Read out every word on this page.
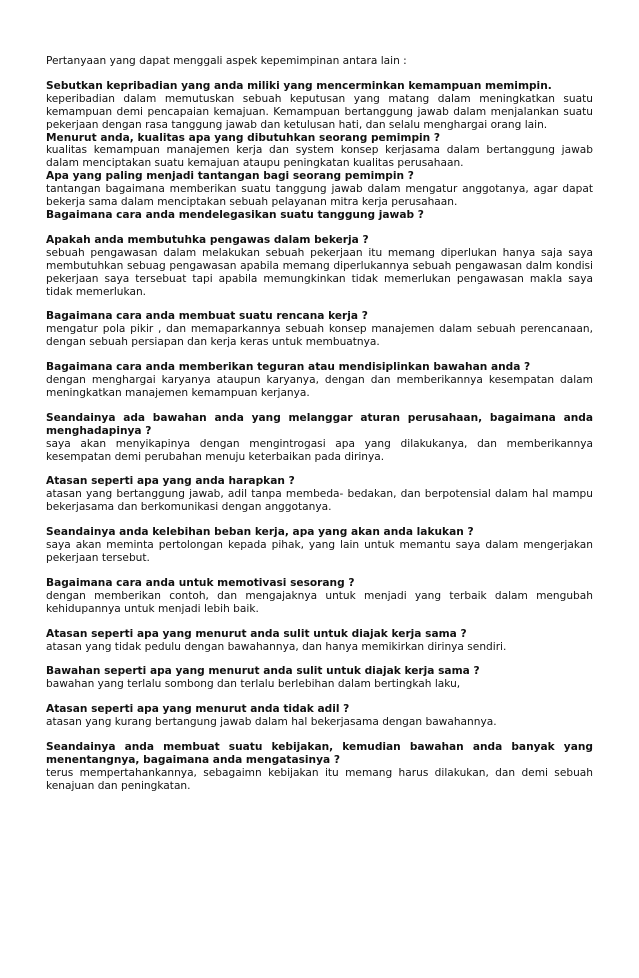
Pertanyaan yang dapat menggali aspek kepemimpinan antara lain :

Sebutkan kepribadian yang anda miliki yang mencerminkan kemampuan memimpin.

keperibadian dalam memutuskan sebuah keputusan yang matang dalam meningkatkan suatu kemampuan demi pencapaian kemajuan. Kemampuan bertanggung jawab dalam menjalankan suatu pekerjaan dengan rasa tanggung jawab dan ketulusan hati, dan selalu menghargai orang lain.

Menurut anda, kualitas apa yang dibutuhkan seorang pemimpin ?

kualitas kemampuan manajemen kerja dan system konsep kerjasama dalam bertanggung jawab dalam menciptakan suatu kemajuan ataupu peningkatan kualitas perusahaan.

Apa yang paling menjadi tantangan bagi seorang pemimpin ?

tantangan bagaimana memberikan suatu tanggung jawab dalam mengatur anggotanya, agar dapat bekerja sama dalam menciptakan sebuah pelayanan mitra kerja perusahaan.

Bagaimana cara anda mendelegasikan suatu tanggung jawab ?

Apakah anda membutuhka pengawas dalam bekerja ?

sebuah pengawasan dalam melakukan sebuah pekerjaan itu memang diperlukan hanya saja saya membutuhkan sebuag pengawasan apabila memang diperlukannya sebuah pengawasan dalm kondisi pekerjaan saya tersebuat tapi apabila memungkinkan tidak memerlukan pengawasan makla saya tidak memerlukan.

Bagaimana cara anda membuat suatu rencana kerja ?

mengatur pola pikir , dan memaparkannya sebuah konsep manajemen dalam sebuah perencanaan, dengan sebuah persiapan dan kerja keras untuk membuatnya.

Bagaimana cara anda memberikan teguran atau mendisiplinkan bawahan anda ?

dengan menghargai karyanya ataupun karyanya, dengan dan memberikannya kesempatan dalam meningkatkan manajemen kemampuan kerjanya.

Seandainya ada bawahan anda yang melanggar aturan perusahaan, bagaimana anda menghadapinya ?

saya akan menyikapinya dengan mengintrogasi apa yang dilakukanya, dan memberikannya kesempatan demi perubahan menuju keterbaikan pada dirinya.

Atasan seperti apa yang anda harapkan ?

atasan yang bertanggung jawab, adil tanpa membeda- bedakan, dan berpotensial dalam hal mampu bekerjasama dan berkomunikasi dengan anggotanya.

Seandainya anda kelebihan beban kerja, apa yang akan anda lakukan ?

saya akan meminta pertolongan kepada pihak, yang lain untuk memantu saya dalam mengerjakan pekerjaan tersebut.

Bagaimana cara anda untuk memotivasi sesorang ?

dengan memberikan contoh, dan mengajaknya untuk menjadi yang terbaik dalam mengubah kehidupannya untuk menjadi lebih baik.

Atasan seperti apa yang menurut anda sulit untuk diajak kerja sama ?

atasan yang tidak pedulu dengan bawahannya, dan hanya memikirkan dirinya sendiri.

Bawahan seperti apa yang menurut anda sulit untuk diajak kerja sama ?

bawahan yang terlalu sombong dan terlalu berlebihan dalam bertingkah laku,

Atasan seperti apa yang menurut anda tidak adil ?

atasan yang kurang bertangung jawab dalam hal bekerjasama dengan bawahannya.

Seandainya anda membuat suatu kebijakan, kemudian bawahan anda banyak yang menentangnya, bagaimana anda mengatasinya ?

terus mempertahankannya, sebagaimn kebijakan itu memang harus dilakukan, dan demi sebuah kenajuan dan peningkatan.
